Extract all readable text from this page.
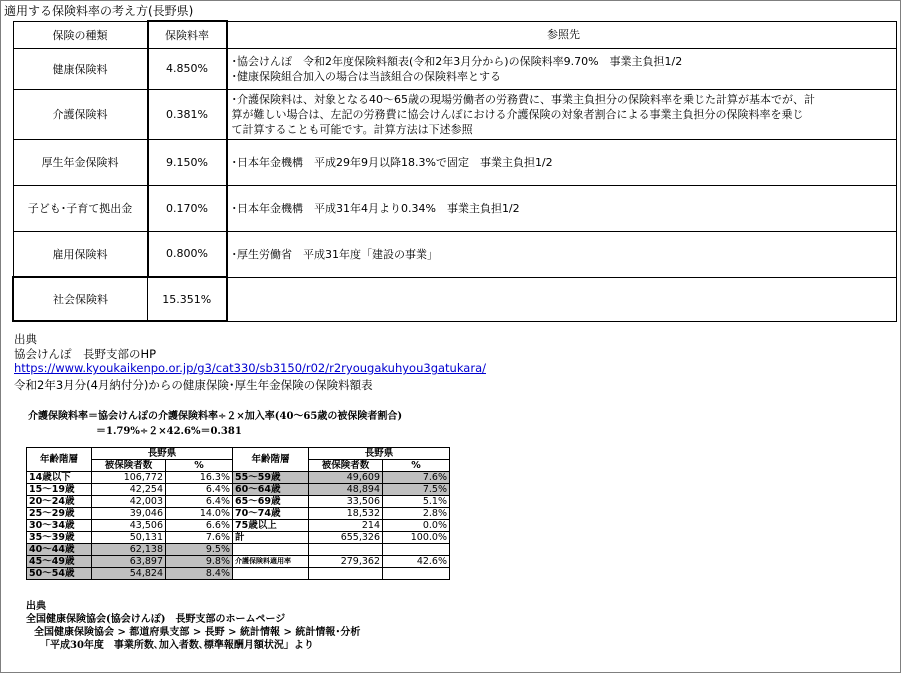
適用する保険料率の考え方(長野県)
保険の種類	保険料率	参照先
健康保険料	4.850%	･協会けんぽ　令和2年度保険料額表(令和2年3月分から)の保険料率9.70%　事業主負担1/2
･健康保険組合加入の場合は当該組合の保険料率とする

介護保険料	0.381%	･介護保険料は、対象となる40～65歳の現場労働者の労務費に、事業主負担分の保険料率を乗じた計算が基本でが、計
算が難しい場合は、左記の労務費に協会けんぽにおける介護保険の対象者割合による事業主負担分の保険料率を乗じ
て計算することも可能です。計算方法は下述参照

厚生年金保険料	9.150%	･日本年金機構　平成29年9月以降18.3%で固定　事業主負担1/2

子ども･子育て拠出金	0.170%	･日本年金機構　平成31年4月より0.34%　事業主負担1/2

雇用保険料	0.800%	･厚生労働省　平成31年度「建設の事業」

社会保険料	15.351%	
出典
協会けんぽ　長野支部のHP
https://www.kyoukaikenpo.or.jp/g3/cat330/sb3150/r02/r2ryougakuhyou3gatukara/
令和2年3月分(4月納付分)からの健康保険･厚生年金保険の保険料額表
介護保険料率＝協会けんぽの介護保険料率÷２×加入率(40～65歳の被保険者割合)
＝1.79%÷２×42.6%＝0.381
年齢階層	長野県		年齢階層	長野県	
	被保険者数	%		被保険者数	%
14歳以下	106,772	16.3%	55～59歳	49,609	7.6%
15～19歳	42,254	6.4%	60～64歳	48,894	7.5%
20～24歳	42,003	6.4%	65～69歳	33,506	5.1%
25～29歳	39,046	14.0%	70～74歳	18,532	2.8%
30～34歳	43,506	6.6%	75歳以上	214	0.0%
35～39歳	50,131	7.6%	計	655,326	100.0%
40～44歳	62,138	9.5%			
45～49歳	63,897	9.8%	介護保険料適用率	279,362	42.6%
50～54歳	54,824	8.4%			
出典
全国健康保険協会(協会けんぽ)　長野支部のホームページ
全国健康保険協会 > 都道府県支部 > 長野 > 統計情報 > 統計情報･分析
「平成30年度　事業所数､加入者数､標準報酬月額状況」より
